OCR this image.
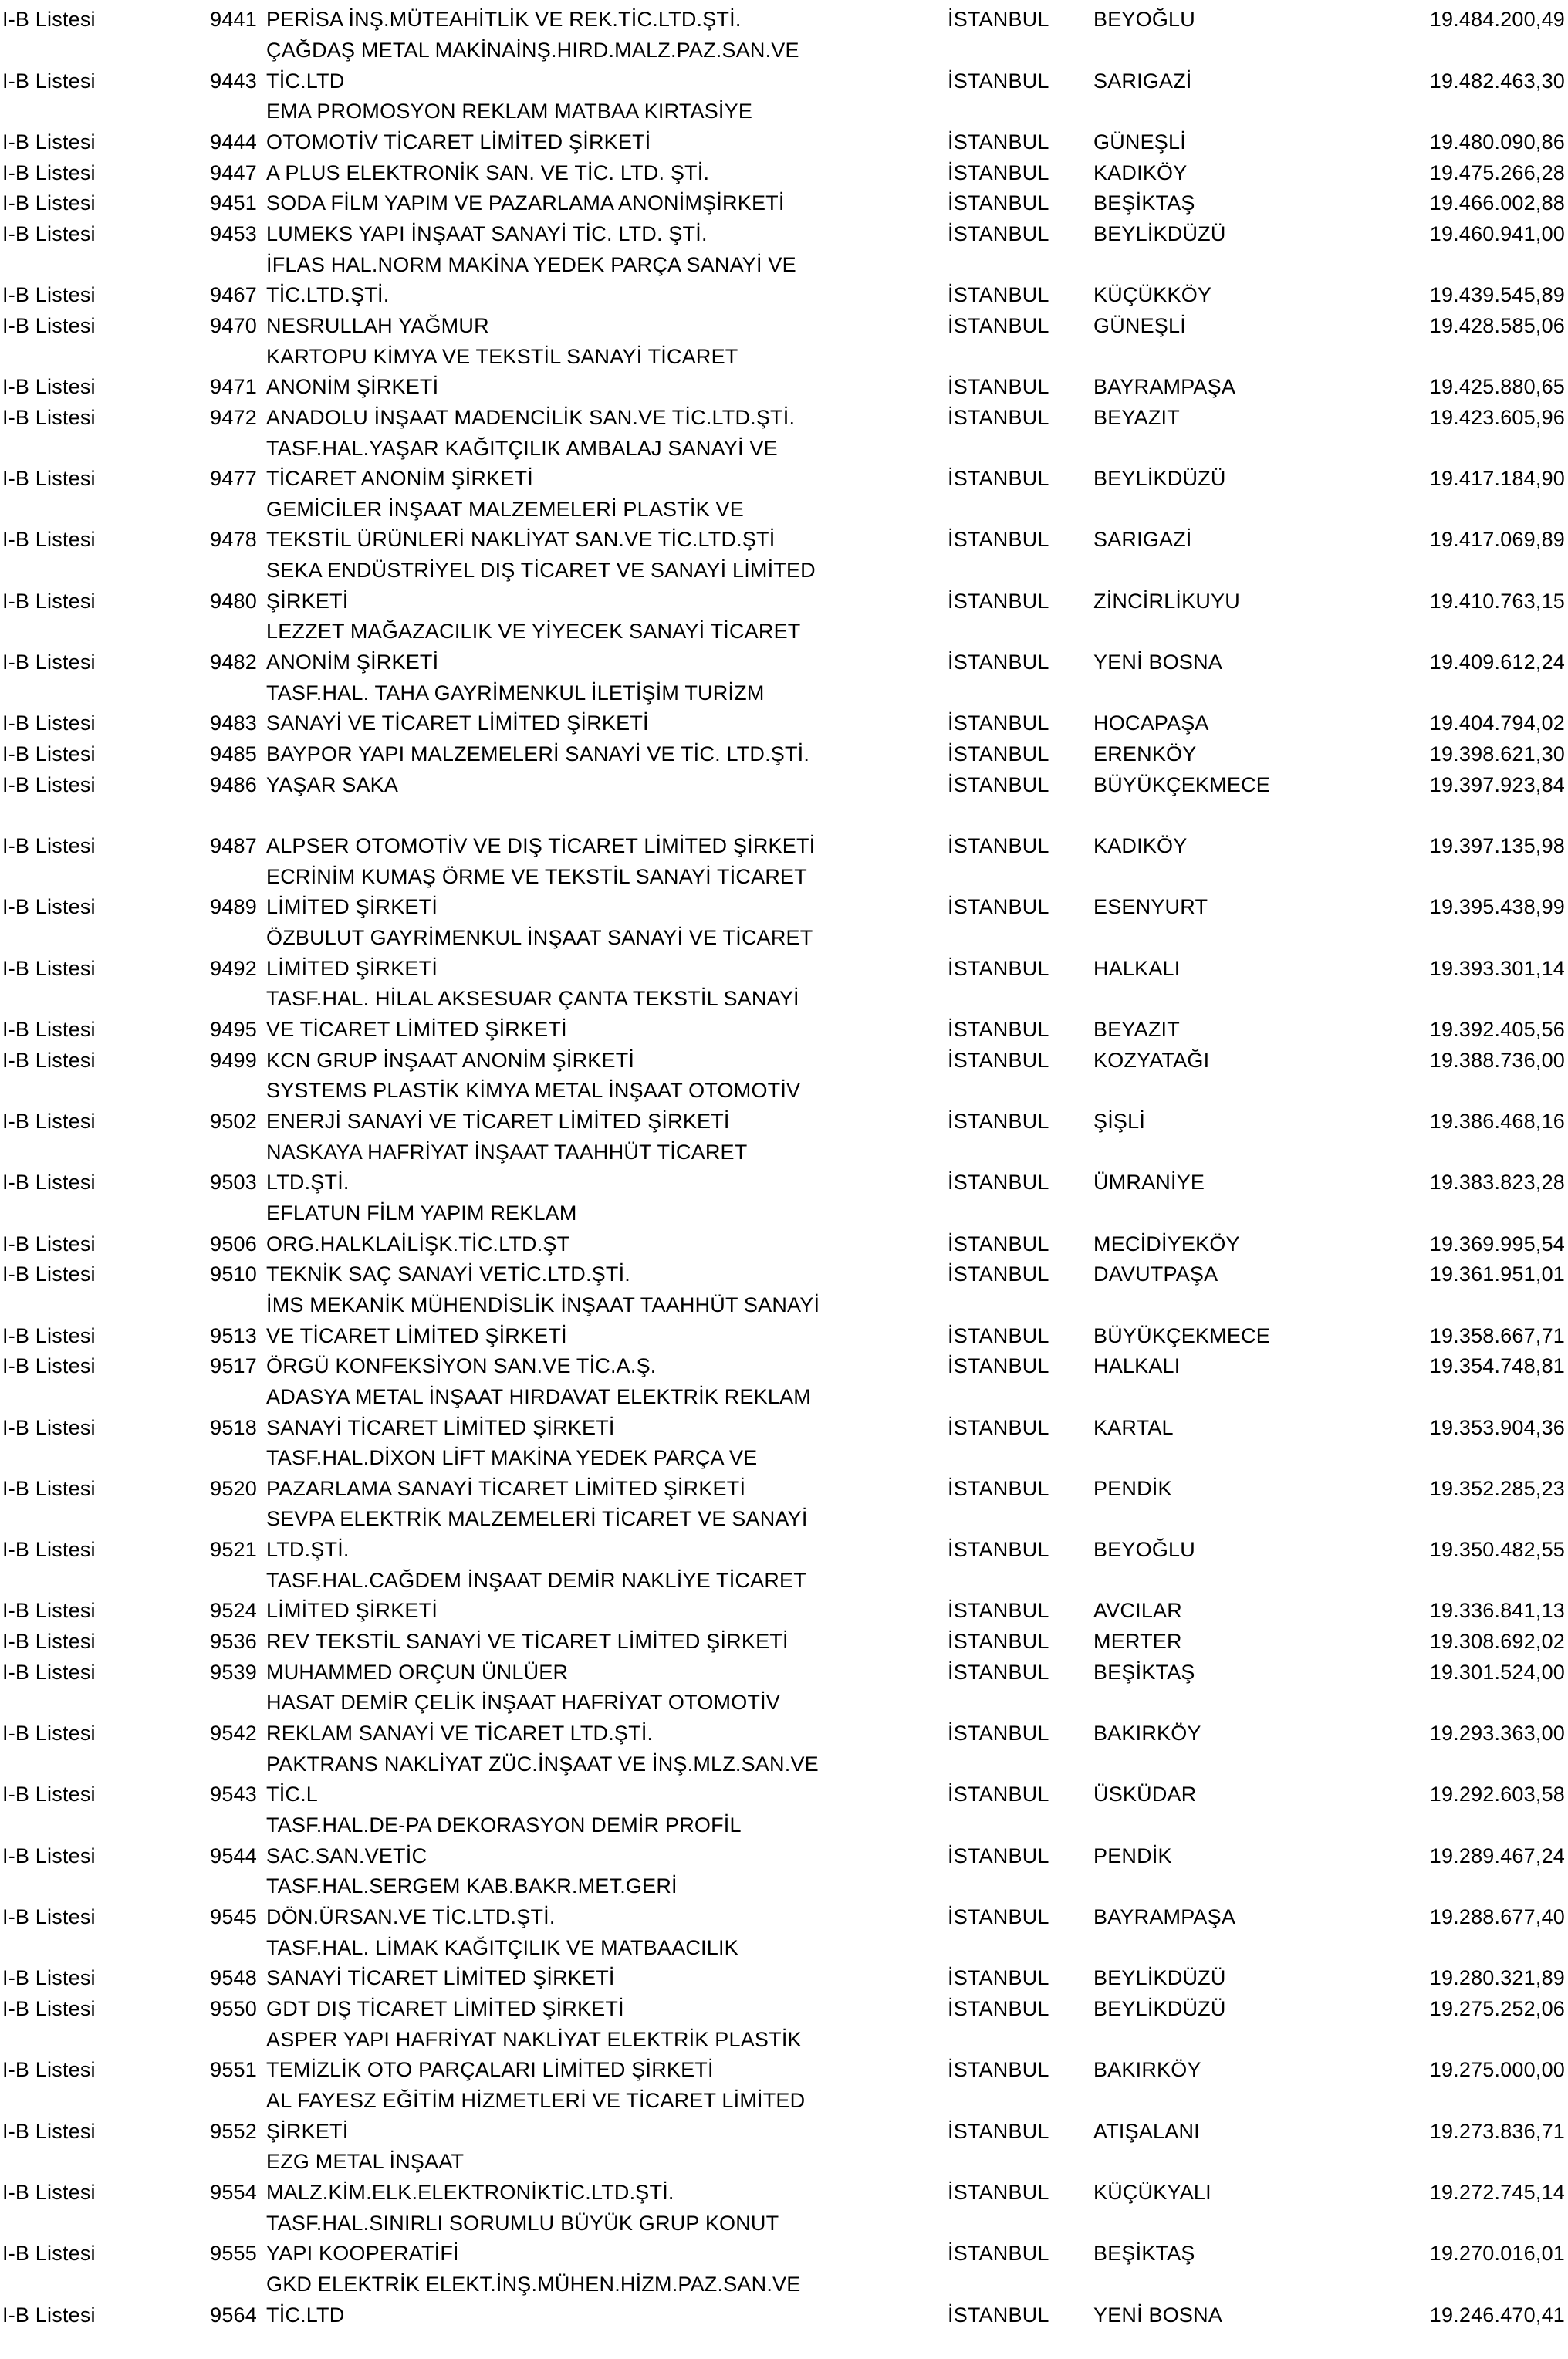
I-B Listesi	9441 PERİSA İNŞ.MÜTEAHİTLİK VE REK.TİC.LTD.ŞTİ.	İSTANBUL	BEYOĞLU	19.484.200,49
ÇAĞDAŞ METAL MAKİNAİNŞ.HIRD.MALZ.PAZ.SAN.VE
I-B Listesi	9443 TİC.LTD	İSTANBUL	SARIGAZİ	19.482.463,30
EMA PROMOSYON REKLAM MATBAA KIRTASİYE
I-B Listesi	9444 OTOMOTİV TİCARET LİMİTED ŞİRKETİ	İSTANBUL	GÜNEŞLİ	19.480.090,86
I-B Listesi	9447 A PLUS ELEKTRONİK SAN. VE TİC. LTD. ŞTİ.	İSTANBUL	KADIKÖY	19.475.266,28
I-B Listesi	9451 SODA FİLM YAPIM VE PAZARLAMA ANONİMŞİRKETİ	İSTANBUL	BEŞİKTAŞ	19.466.002,88
I-B Listesi	9453 LUMEKS YAPI İNŞAAT SANAYİ TİC. LTD. ŞTİ.	İSTANBUL	BEYLİKDÜZÜ	19.460.941,00
İFLAS HAL.NORM MAKİNA YEDEK PARÇA SANAYİ VE
I-B Listesi	9467 TİC.LTD.ŞTİ.	İSTANBUL	KÜÇÜKKÖY	19.439.545,89
I-B Listesi	9470 NESRULLAH YAĞMUR	İSTANBUL	GÜNEŞLİ	19.428.585,06
KARTOPU KİMYA VE TEKSTİL SANAYİ TİCARET
I-B Listesi	9471 ANONİM ŞİRKETİ	İSTANBUL	BAYRAMPAŞA	19.425.880,65
I-B Listesi	9472 ANADOLU İNŞAAT MADENCİLİK SAN.VE TİC.LTD.ŞTİ.	İSTANBUL	BEYAZIT	19.423.605,96
TASF.HAL.YAŞAR KAĞITÇILIK AMBALAJ SANAYİ VE
I-B Listesi	9477 TİCARET ANONİM ŞİRKETİ	İSTANBUL	BEYLİKDÜZÜ	19.417.184,90
GEMİCİLER İNŞAAT MALZEMELERİ PLASTİK VE
I-B Listesi	9478 TEKSTİL ÜRÜNLERİ NAKLİYAT SAN.VE TİC.LTD.ŞTİ	İSTANBUL	SARIGAZİ	19.417.069,89
SEKA ENDÜSTRİYEL DIŞ TİCARET VE SANAYİ LİMİTED
I-B Listesi	9480 ŞİRKETİ	İSTANBUL	ZİNCİRLİKUYU	19.410.763,15
LEZZET MAĞAZACILIK VE YİYECEK SANAYİ TİCARET
I-B Listesi	9482 ANONİM ŞİRKETİ	İSTANBUL	YENİ BOSNA	19.409.612,24
TASF.HAL. TAHA GAYRİMENKUL İLETİŞİM TURİZM
I-B Listesi	9483 SANAYİ VE TİCARET LİMİTED ŞİRKETİ	İSTANBUL	HOCAPAŞA	19.404.794,02
I-B Listesi	9485 BAYPOR YAPI MALZEMELERİ SANAYİ VE TİC. LTD.ŞTİ.	İSTANBUL	ERENKÖY	19.398.621,30
I-B Listesi	9486 YAŞAR SAKA	İSTANBUL	BÜYÜKÇEKMECE	19.397.923,84
I-B Listesi	9487 ALPSER OTOMOTİV VE DIŞ TİCARET LİMİTED ŞİRKETİ	İSTANBUL	KADIKÖY	19.397.135,98
ECRİNİM KUMAŞ ÖRME VE TEKSTİL SANAYİ TİCARET
I-B Listesi	9489 LİMİTED ŞİRKETİ	İSTANBUL	ESENYURT	19.395.438,99
ÖZBULUT GAYRİMENKUL İNŞAAT SANAYİ VE TİCARET
I-B Listesi	9492 LİMİTED ŞİRKETİ	İSTANBUL	HALKALI	19.393.301,14
TASF.HAL. HİLAL AKSESUAR ÇANTA TEKSTİL SANAYİ
I-B Listesi	9495 VE TİCARET LİMİTED ŞİRKETİ	İSTANBUL	BEYAZIT	19.392.405,56
I-B Listesi	9499 KCN GRUP İNŞAAT ANONİM ŞİRKETİ	İSTANBUL	KOZYATAĞI	19.388.736,00
SYSTEMS PLASTİK KİMYA METAL İNŞAAT OTOMOTİV
I-B Listesi	9502 ENERJİ SANAYİ VE TİCARET LİMİTED ŞİRKETİ	İSTANBUL	ŞİŞLİ	19.386.468,16
NASKAYA HAFRİYAT İNŞAAT TAAHHÜT TİCARET
I-B Listesi	9503 LTD.ŞTİ.	İSTANBUL	ÜMRANİYE	19.383.823,28
EFLATUN FİLM YAPIM REKLAM
I-B Listesi	9506 ORG.HALKLAİLİŞK.TİC.LTD.ŞT	İSTANBUL	MECİDİYEKÖY	19.369.995,54
I-B Listesi	9510 TEKNİK SAÇ SANAYİ VETİC.LTD.ŞTİ.	İSTANBUL	DAVUTPAŞA	19.361.951,01
İMS MEKANİK MÜHENDİSLİK İNŞAAT TAAHHÜT SANAYİ
I-B Listesi	9513 VE TİCARET LİMİTED ŞİRKETİ	İSTANBUL	BÜYÜKÇEKMECE	19.358.667,71
I-B Listesi	9517 ÖRGÜ KONFEKSİYON SAN.VE TİC.A.Ş.	İSTANBUL	HALKALI	19.354.748,81
ADASYA METAL İNŞAAT HIRDAVAT ELEKTRİK REKLAM
I-B Listesi	9518 SANAYİ TİCARET LİMİTED ŞİRKETİ	İSTANBUL	KARTAL	19.353.904,36
TASF.HAL.DİXON LİFT MAKİNA YEDEK PARÇA VE
I-B Listesi	9520 PAZARLAMA SANAYİ TİCARET LİMİTED ŞİRKETİ	İSTANBUL	PENDİK	19.352.285,23
SEVPA ELEKTRİK MALZEMELERİ TİCARET VE SANAYİ
I-B Listesi	9521 LTD.ŞTİ.	İSTANBUL	BEYOĞLU	19.350.482,55
TASF.HAL.CAĞDEM İNŞAAT DEMİR NAKLİYE TİCARET
I-B Listesi	9524 LİMİTED ŞİRKETİ	İSTANBUL	AVCILAR	19.336.841,13
I-B Listesi	9536 REV TEKSTİL SANAYİ VE TİCARET LİMİTED ŞİRKETİ	İSTANBUL	MERTER	19.308.692,02
I-B Listesi	9539 MUHAMMED ORÇUN ÜNLÜER	İSTANBUL	BEŞİKTAŞ	19.301.524,00
HASAT DEMİR ÇELİK İNŞAAT HAFRİYAT OTOMOTİV
I-B Listesi	9542 REKLAM SANAYİ VE TİCARET LTD.ŞTİ.	İSTANBUL	BAKIRKÖY	19.293.363,00
PAKTRANS NAKLİYAT ZÜC.İNŞAAT VE İNŞ.MLZ.SAN.VE
I-B Listesi	9543 TİC.L	İSTANBUL	ÜSKÜDAR	19.292.603,58
TASF.HAL.DE-PA DEKORASYON DEMİR PROFİL
I-B Listesi	9544 SAC.SAN.VETİC	İSTANBUL	PENDİK	19.289.467,24
TASF.HAL.SERGEM KAB.BAKR.MET.GERİ
I-B Listesi	9545 DÖN.ÜRSAN.VE TİC.LTD.ŞTİ.	İSTANBUL	BAYRAMPAŞA	19.288.677,40
TASF.HAL. LİMAK KAĞITÇILIK VE MATBAACILIK
I-B Listesi	9548 SANAYİ TİCARET LİMİTED ŞİRKETİ	İSTANBUL	BEYLİKDÜZÜ	19.280.321,89
I-B Listesi	9550 GDT DIŞ TİCARET LİMİTED ŞİRKETİ	İSTANBUL	BEYLİKDÜZÜ	19.275.252,06
ASPER YAPI HAFRİYAT NAKLİYAT ELEKTRİK PLASTİK
I-B Listesi	9551 TEMİZLİK OTO PARÇALARI LİMİTED ŞİRKETİ	İSTANBUL	BAKIRKÖY	19.275.000,00
AL FAYESZ EĞİTİM HİZMETLERİ VE TİCARET LİMİTED
I-B Listesi	9552 ŞİRKETİ	İSTANBUL	ATIŞALANI	19.273.836,71
EZG METAL İNŞAAT
I-B Listesi	9554 MALZ.KİM.ELK.ELEKTRONİKTİC.LTD.ŞTİ.	İSTANBUL	KÜÇÜKYALI	19.272.745,14
TASF.HAL.SINIRLI SORUMLU BÜYÜK GRUP KONUT
I-B Listesi	9555 YAPI KOOPERATİFİ	İSTANBUL	BEŞİKTAŞ	19.270.016,01
GKD ELEKTRİK ELEKT.İNŞ.MÜHEN.HİZM.PAZ.SAN.VE
I-B Listesi	9564 TİC.LTD	İSTANBUL	YENİ BOSNA	19.246.470,41
